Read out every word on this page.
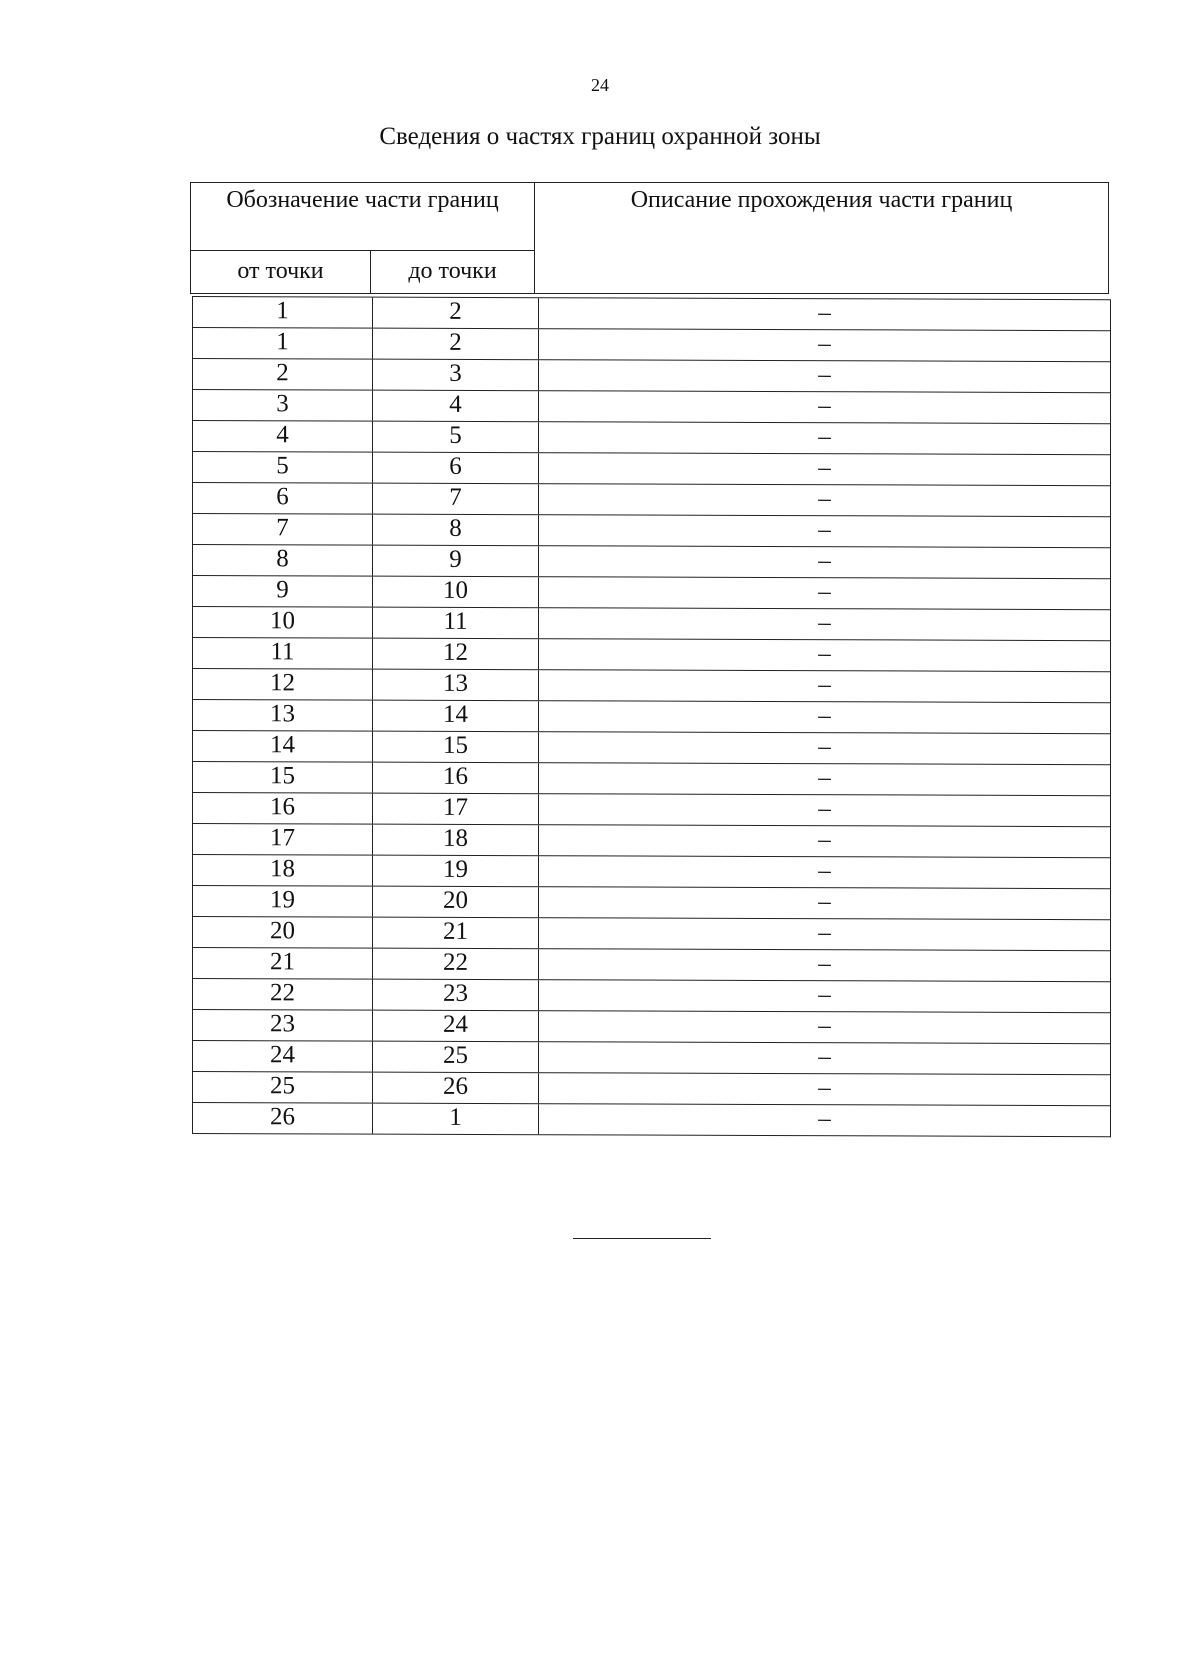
24
Сведения о частях границ охранной зоны
Обозначение части границ	Описание прохождения части границ
от точки	до точки
1	2	–
1	2	–
2	3	–
3	4	–
4	5	–
5	6	–
6	7	–
7	8	–
8	9	–
9	10	–
10	11	–
11	12	–
12	13	–
13	14	–
14	15	–
15	16	–
16	17	–
17	18	–
18	19	–
19	20	–
20	21	–
21	22	–
22	23	–
23	24	–
24	25	–
25	26	–
26	1	–
